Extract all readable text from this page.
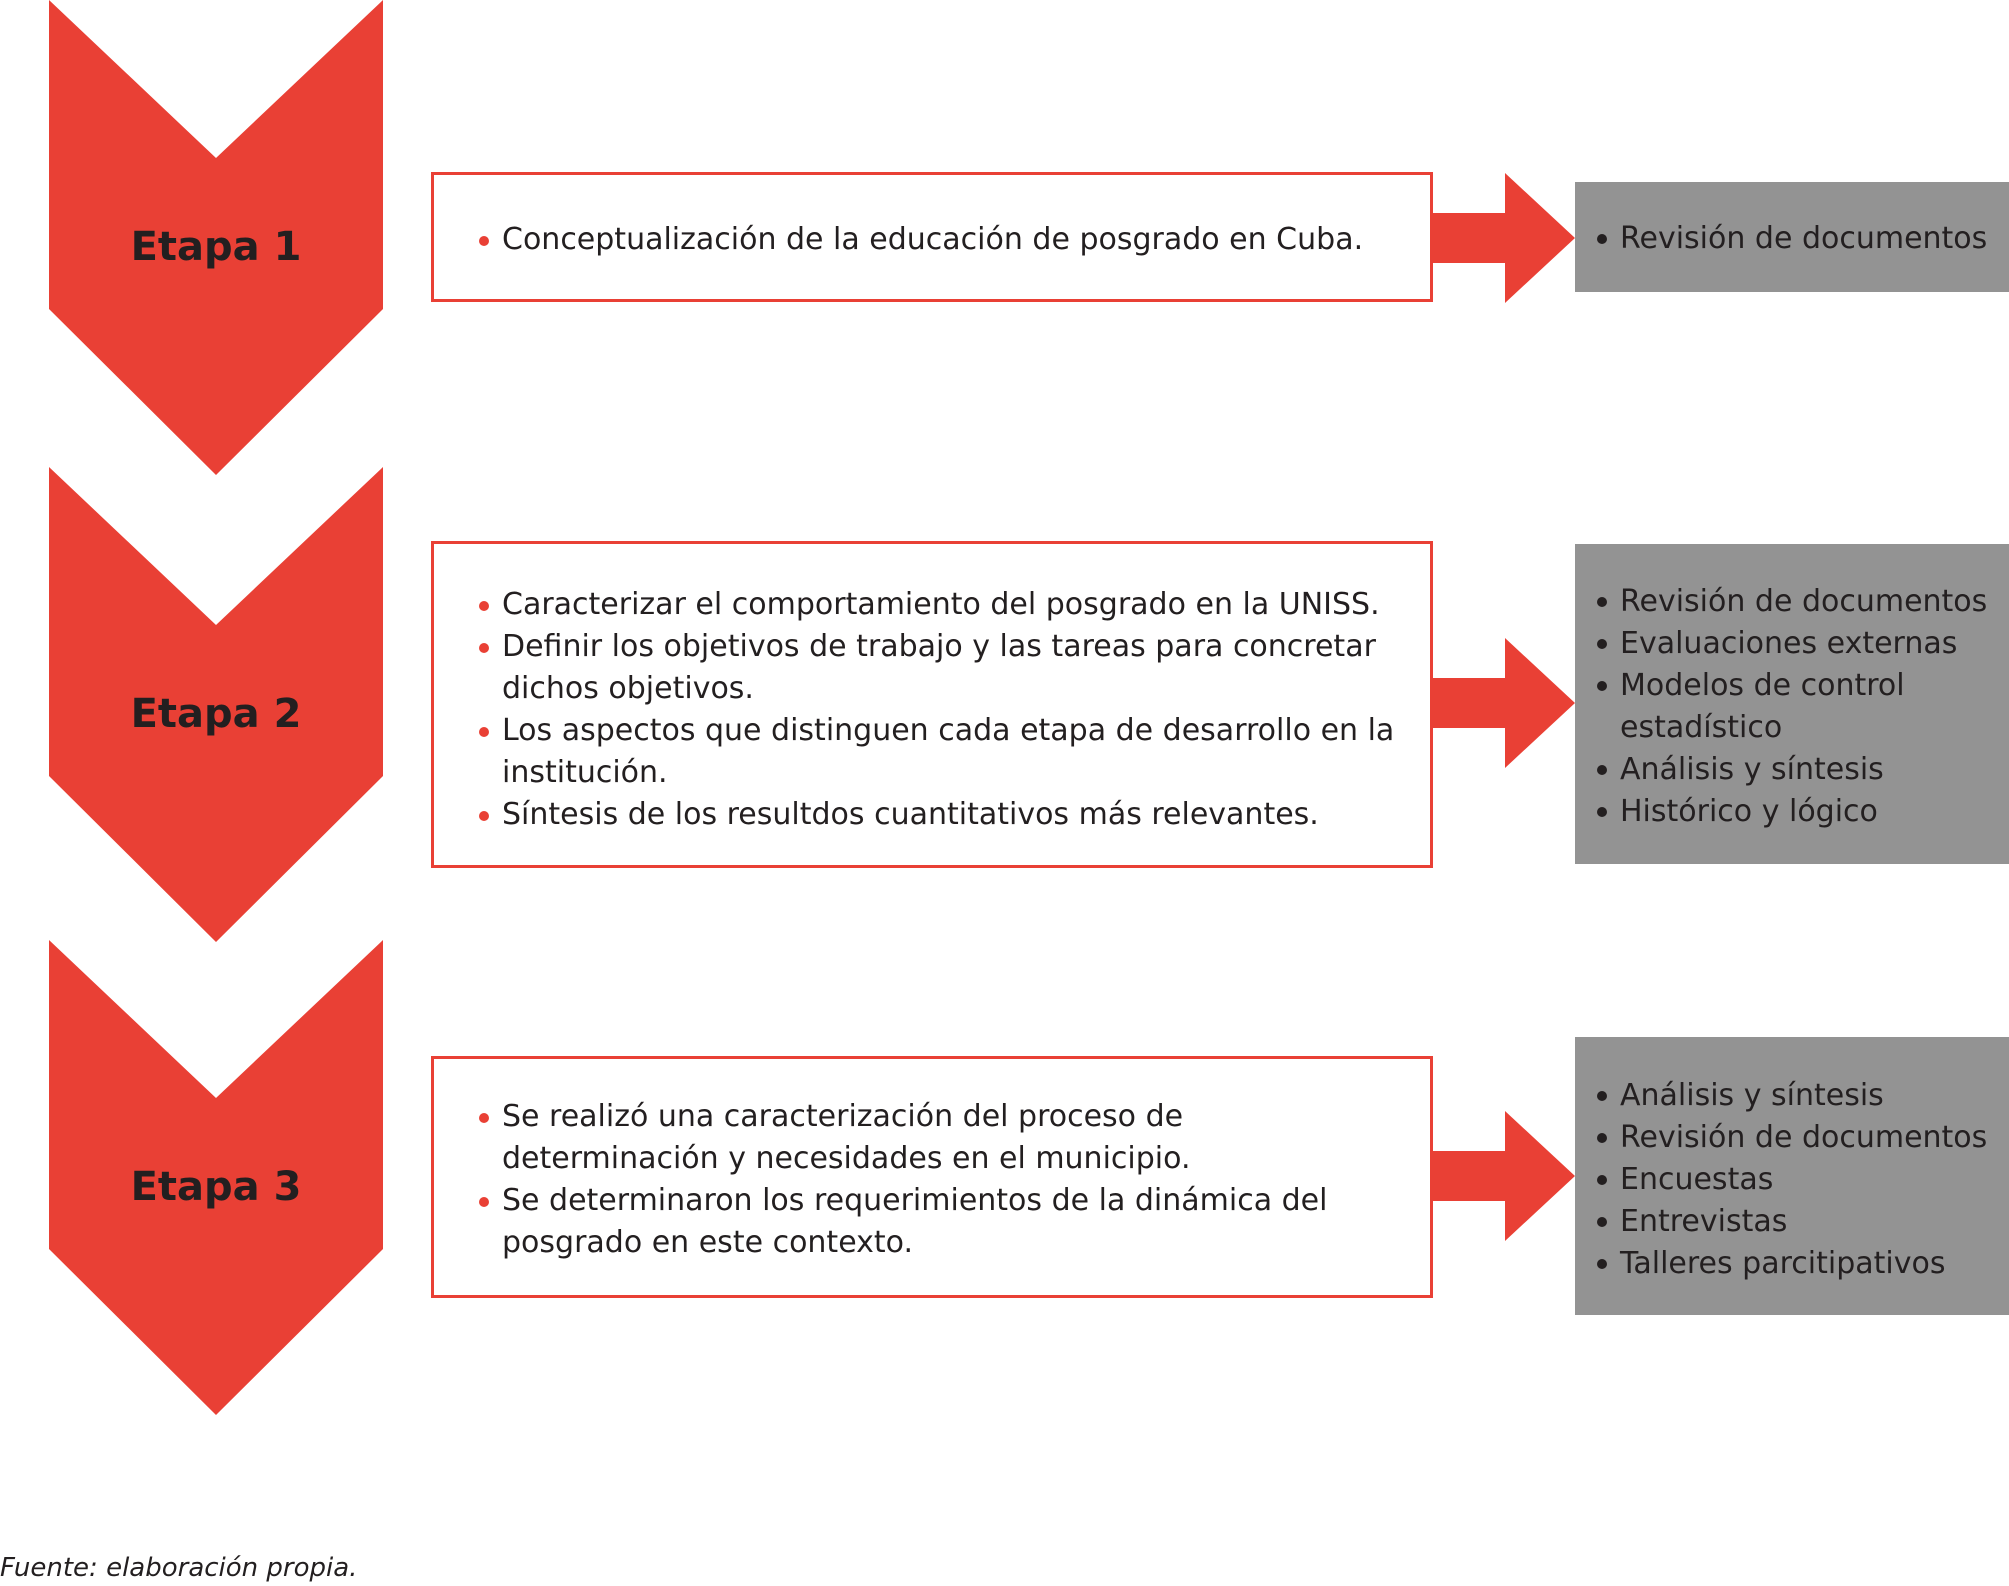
Etapa 1	Conceptualización de la educación de posgrado en Cuba.	Revisión de documentos
Etapa 2
Caracterizar el comportamiento del posgrado en la UNISS.
Definir los objetivos de trabajo y las tareas para concretar dichos objetivos.
Los aspectos que distinguen cada etapa de desarrollo en la institución.
Síntesis de los resultdos cuantitativos más relevantes.
Revisión de documentos
Evaluaciones externas
Modelos de control estadístico
Análisis y síntesis
Histórico y lógico
Etapa 3
Se realizó una caracterización del proceso de determinación y necesidades en el municipio.
Se determinaron los requerimientos de la dinámica del posgrado en este contexto.
Análisis y síntesis
Revisión de documentos
Encuestas
Entrevistas
Talleres parcitipativos
Fuente: elaboración propia.
